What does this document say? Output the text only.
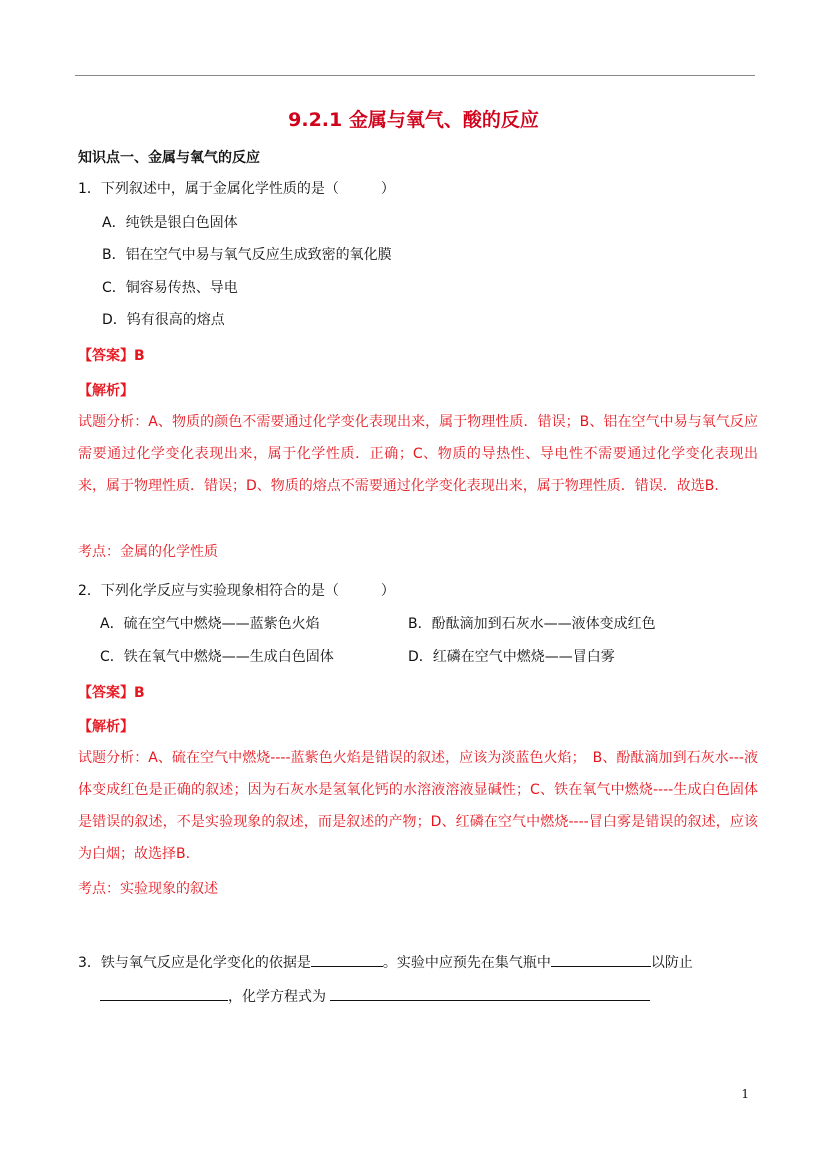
9.2.1 金属与氧气、酸的反应
知识点一、金属与氧气的反应
1．下列叙述中，属于金属化学性质的是（　　　）
A．纯铁是银白色固体
B．铝在空气中易与氧气反应生成致密的氧化膜
C．铜容易传热、导电
D．钨有很高的熔点
【答案】B
【解析】
试题分析：A、物质的颜色不需要通过化学变化表现出来，属于物理性质．错误；B、铝在空气中易与氧气反应需要通过化学变化表现出来，属于化学性质．正确；C、物质的导热性、导电性不需要通过化学变化表现出来，属于物理性质．错误；D、物质的熔点不需要通过化学变化表现出来，属于物理性质．错误．故选B.
考点：金属的化学性质
2．下列化学反应与实验现象相符合的是（　　　）
A．硫在空气中燃烧——蓝紫色火焰	B．酚酞滴加到石灰水——液体变成红色
C．铁在氧气中燃烧——生成白色固体	D．红磷在空气中燃烧——冒白雾
【答案】B
【解析】
试题分析：A、硫在空气中燃烧----蓝紫色火焰是错误的叙述，应该为淡蓝色火焰；　B、酚酞滴加到石灰水---液体变成红色是正确的叙述；因为石灰水是氢氧化钙的水溶液溶液显碱性；C、铁在氧气中燃烧----生成白色固体是错误的叙述，不是实验现象的叙述，而是叙述的产物；D、红磷在空气中燃烧----冒白雾是错误的叙述，应该为白烟；故选择B.
考点：实验现象的叙述
3．铁与氧气反应是化学变化的依据是	。实验中应预先在集气瓶中	以防止
，化学方程式为
1
